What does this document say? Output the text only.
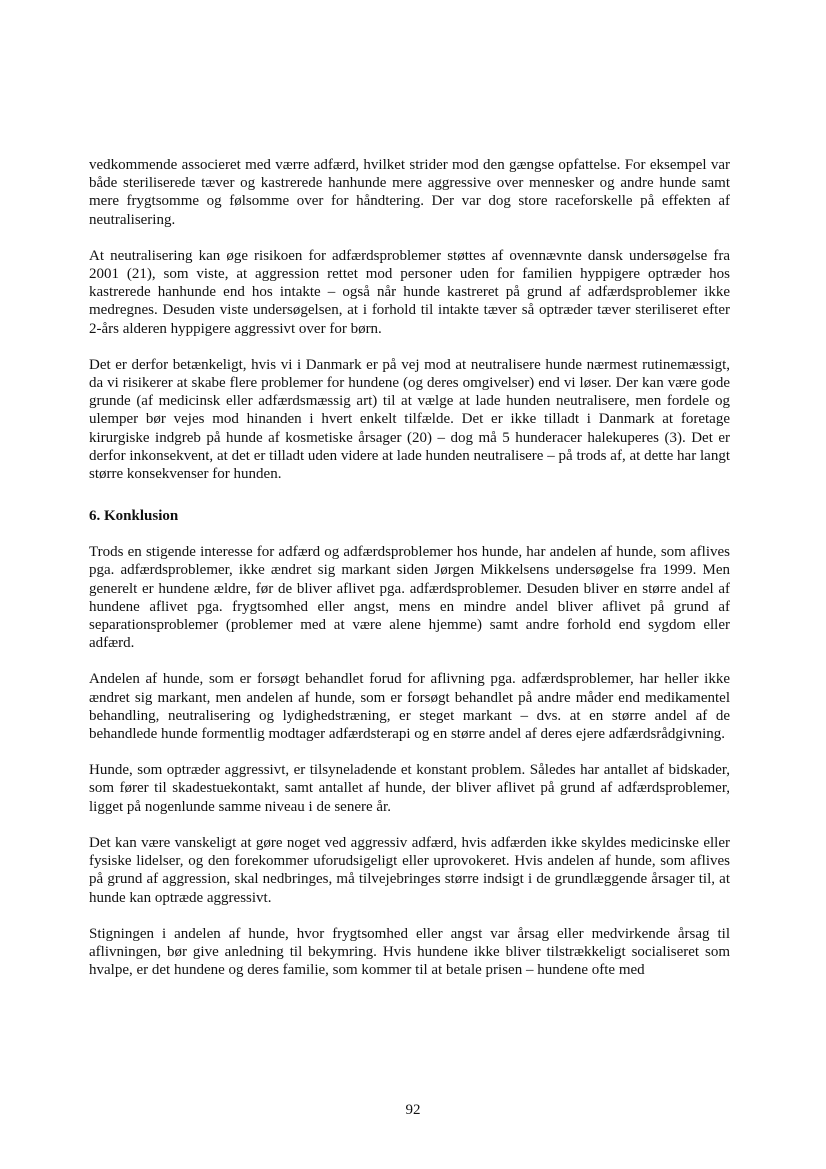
vedkommende associeret med værre adfærd, hvilket strider mod den gængse opfattelse. For eksempel var både steriliserede tæver og kastrerede hanhunde mere aggressive over mennesker og andre hunde samt mere frygtsomme og følsomme over for håndtering. Der var dog store raceforskelle på effekten af neutralisering.

At neutralisering kan øge risikoen for adfærdsproblemer støttes af ovennævnte dansk undersøgelse fra 2001 (21), som viste, at aggression rettet mod personer uden for familien hyppigere optræder hos kastrerede hanhunde end hos intakte – også når hunde kastreret på grund af adfærdsproblemer ikke medregnes. Desuden viste undersøgelsen, at i forhold til intakte tæver så optræder tæver steriliseret efter 2-års alderen hyppigere aggressivt over for børn.

Det er derfor betænkeligt, hvis vi i Danmark er på vej mod at neutralisere hunde nærmest rutinemæssigt, da vi risikerer at skabe flere problemer for hundene (og deres omgivelser) end vi løser. Der kan være gode grunde (af medicinsk eller adfærdsmæssig art) til at vælge at lade hunden neutralisere, men fordele og ulemper bør vejes mod hinanden i hvert enkelt tilfælde. Det er ikke tilladt i Danmark at foretage kirurgiske indgreb på hunde af kosmetiske årsager (20) – dog må 5 hunderacer halekuperes (3). Det er derfor inkonsekvent, at det er tilladt uden videre at lade hunden neutralisere – på trods af, at dette har langt større konsekvenser for hunden.

6. Konklusion

Trods en stigende interesse for adfærd og adfærdsproblemer hos hunde, har andelen af hunde, som aflives pga. adfærdsproblemer, ikke ændret sig markant siden Jørgen Mikkelsens undersøgelse fra 1999. Men generelt er hundene ældre, før de bliver aflivet pga. adfærdsproblemer. Desuden bliver en større andel af hundene aflivet pga. frygtsomhed eller angst, mens en mindre andel bliver aflivet på grund af separationsproblemer (problemer med at være alene hjemme) samt andre forhold end sygdom eller adfærd.

Andelen af hunde, som er forsøgt behandlet forud for aflivning pga. adfærdsproblemer, har heller ikke ændret sig markant, men andelen af hunde, som er forsøgt behandlet på andre måder end medikamentel behandling, neutralisering og lydighedstræning, er steget markant – dvs. at en større andel af de behandlede hunde formentlig modtager adfærdsterapi og en større andel af deres ejere adfærdsrådgivning.

Hunde, som optræder aggressivt, er tilsyneladende et konstant problem. Således har antallet af bidskader, som fører til skadestuekontakt, samt antallet af hunde, der bliver aflivet på grund af adfærdsproblemer, ligget på nogenlunde samme niveau i de senere år.

Det kan være vanskeligt at gøre noget ved aggressiv adfærd, hvis adfærden ikke skyldes medicinske eller fysiske lidelser, og den forekommer uforudsigeligt eller uprovokeret. Hvis andelen af hunde, som aflives på grund af aggression, skal nedbringes, må tilvejebringes større indsigt i de grundlæggende årsager til, at hunde kan optræde aggressivt.

Stigningen i andelen af hunde, hvor frygtsomhed eller angst var årsag eller medvirkende årsag til aflivningen, bør give anledning til bekymring. Hvis hundene ikke bliver tilstrækkeligt socialiseret som hvalpe, er det hundene og deres familie, som kommer til at betale prisen – hundene ofte med

92
